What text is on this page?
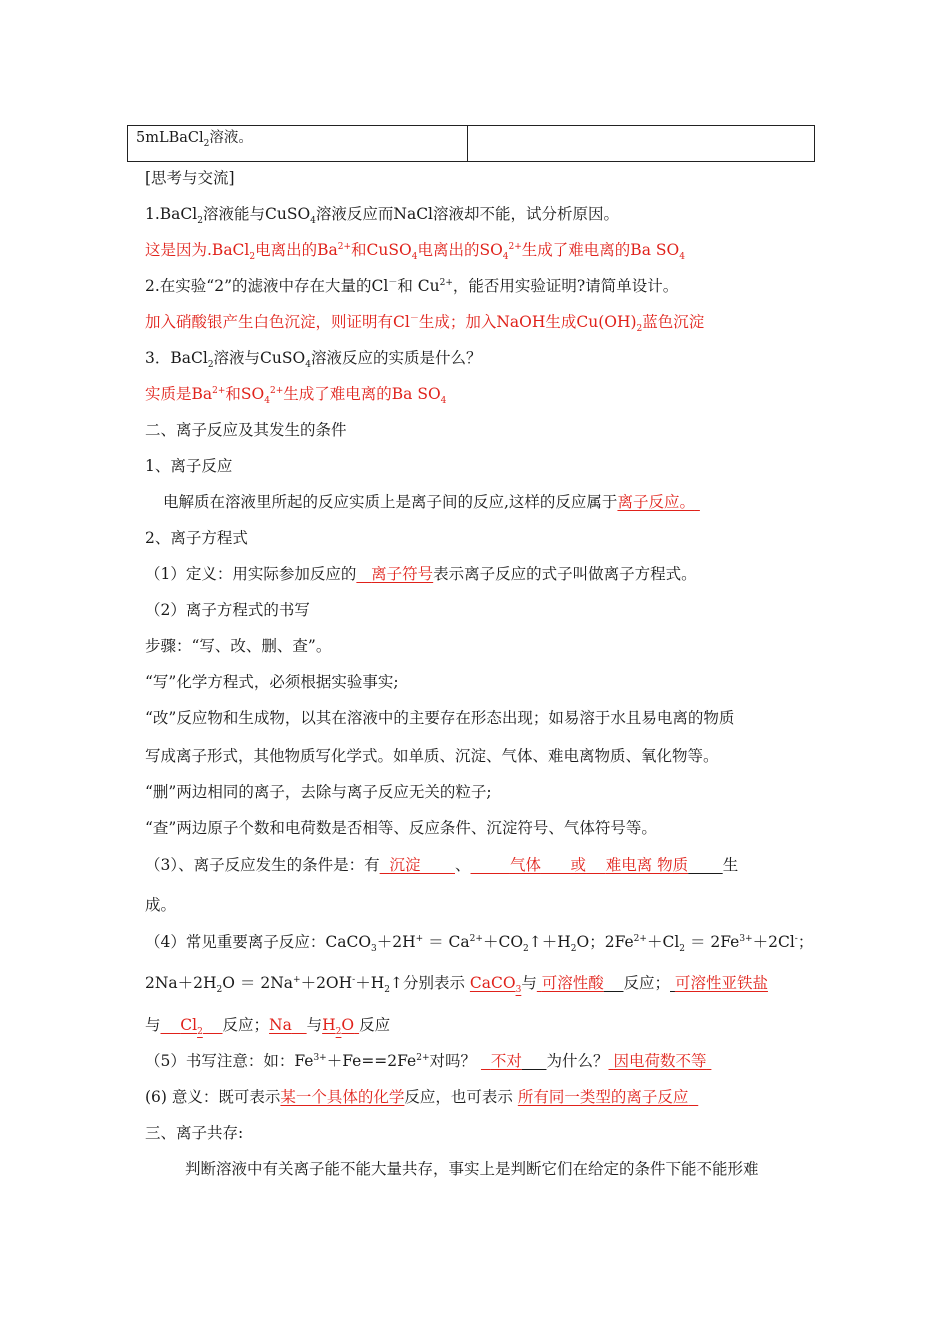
5mLBaCl$_2$溶液。	
[思考与交流]
1.BaCl$_2$溶液能与CuSO$_4$溶液反应而NaCl溶液却不能，试分析原因。
这是因为.BaCl$_2$电离出的$Ba^{2+}$和CuSO$_4$电离出的$SO_4^{2+}$生成了难电离的Ba $SO_4$
2.在实验“2”的滤液中存在大量的Cl－和 $Cu^{2+}$，能否用实验证明?请简单设计。
加入硝酸银产生白色沉淀，则证明有Cl－生成；加入NaOH生成$Cu(OH)_2$蓝色沉淀
3．BaCl$_2$溶液与CuSO$_4$溶液反应的实质是什么？
实质是$Ba^{2+}$和$SO_4^{2+}$生成了难电离的Ba $SO_4$
二、离子反应及其发生的条件
1、离子反应
电解质在溶液里所起的反应实质上是离子间的反应,这样的反应属于离子反应。
2、离子方程式
（1）定义：用实际参加反应的 离子符号表示离子反应的式子叫做离子方程式。
（2）离子方程式的书写
步骤：“写、改、删、查”。
“写”化学方程式，必须根据实验事实;
“改”反应物和生成物，以其在溶液中的主要存在形态出现；如易溶于水且易电离的物质
写成离子形式，其他物质写化学式。如单质、沉淀、气体、难电离物质、氧化物等。
“删”两边相同的离子，去除与离子反应无关的粒子;
“查”两边原子个数和电荷数是否相等、反应条件、沉淀符号、气体符号等。
（3）、离子反应发生的条件是：有 沉淀 、	气体 或 难电离 物质 生
成。
（4）常见重要离子反应：CaCO$_3$＋2H+ ＝ $Ca^{2+}+CO_2↑+H_2O$；$2Fe^{2+}+Cl_2 = 2Fe^{3+}+2Cl^-$；
$2Na+2H_2O$ ＝ $2Na^++2OH^-+H_2↑$分别表示 CaCO$_3$与 可溶性酸 反应； 可溶性亚铁盐
与 $Cl_2$ 反应；Na 与$H_2O$ 反应
（5）书写注意：如：$Fe^{3+}+Fe==2Fe^{2+}$对吗？ 不对 为什么？ 因电荷数不等
(6) 意义：既可表示某一个具体的化学反应，也可表示 所有同一类型的离子反应
三、离子共存:
判断溶液中有关离子能不能大量共存，事实上是判断它们在给定的条件下能不能形难
